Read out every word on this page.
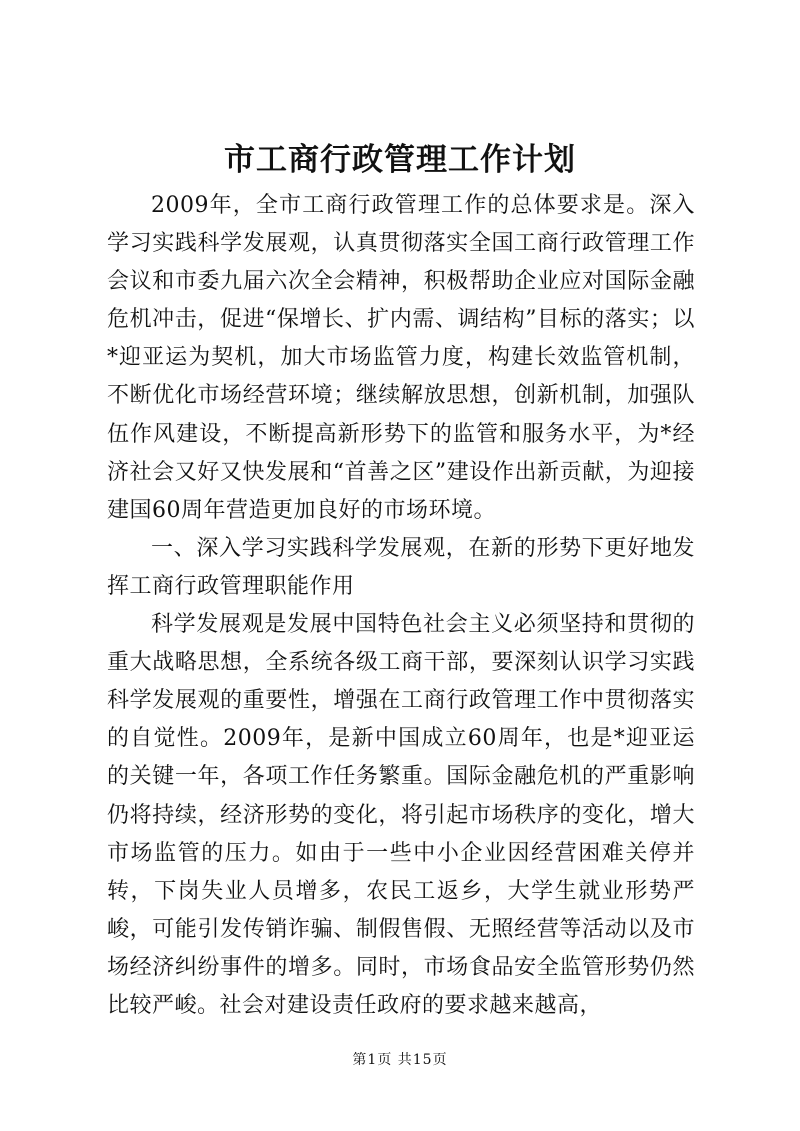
市工商行政管理工作计划

2009年，全市工商行政管理工作的总体要求是。深入学习实践科学发展观，认真贯彻落实全国工商行政管理工作会议和市委九届六次全会精神，积极帮助企业应对国际金融危机冲击，促进“保增长、扩内需、调结构”目标的落实；以*迎亚运为契机，加大市场监管力度，构建长效监管机制，不断优化市场经营环境；继续解放思想，创新机制，加强队伍作风建设，不断提高新形势下的监管和服务水平，为*经济社会又好又快发展和“首善之区”建设作出新贡献，为迎接建国60周年营造更加良好的市场环境。

一、深入学习实践科学发展观，在新的形势下更好地发挥工商行政管理职能作用

科学发展观是发展中国特色社会主义必须坚持和贯彻的重大战略思想，全系统各级工商干部，要深刻认识学习实践科学发展观的重要性，增强在工商行政管理工作中贯彻落实的自觉性。2009年，是新中国成立60周年，也是*迎亚运的关键一年，各项工作任务繁重。国际金融危机的严重影响仍将持续，经济形势的变化，将引起市场秩序的变化，增大市场监管的压力。如由于一些中小企业因经营困难关停并转，下岗失业人员增多，农民工返乡，大学生就业形势严峻，可能引发传销诈骗、制假售假、无照经营等活动以及市场经济纠纷事件的增多。同时，市场食品安全监管形势仍然比较严峻。社会对建设责任政府的要求越来越高，

第1页 共15页
